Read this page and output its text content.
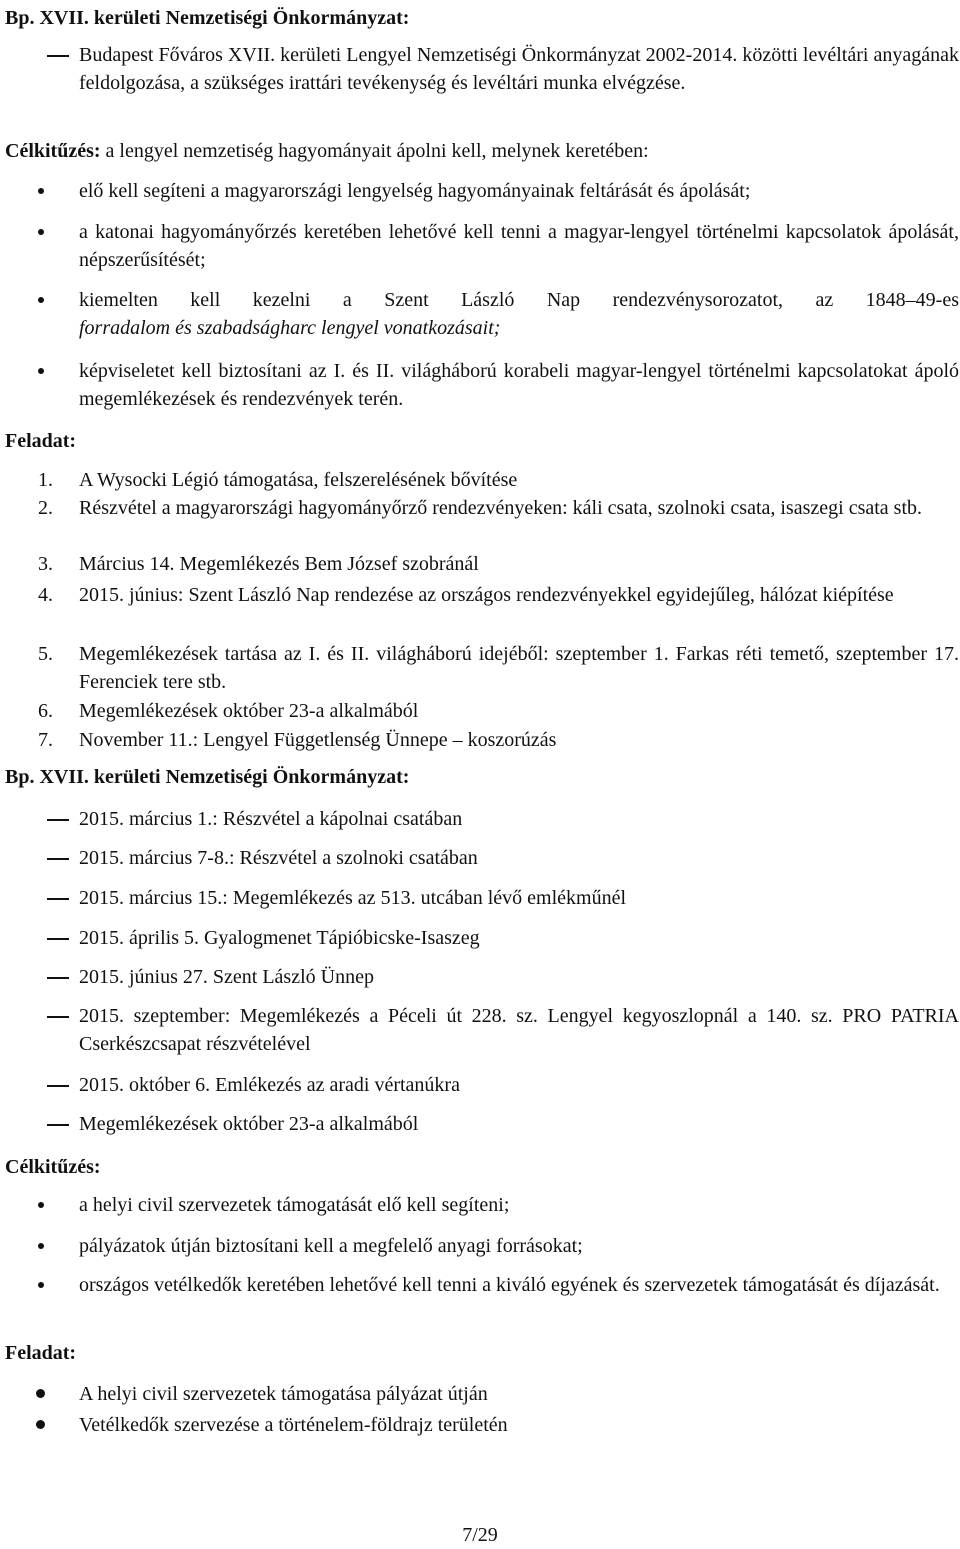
Bp. XVII. kerületi Nemzetiségi Önkormányzat:
Budapest Főváros XVII. kerületi Lengyel Nemzetiségi Önkormányzat 2002-2014. közötti levéltári anyagának feldolgozása, a szükséges irattári tevékenység és levéltári munka elvégzése.
Célkitűzés: a lengyel nemzetiség hagyományait ápolni kell, melynek keretében:
elő kell segíteni a magyarországi lengyelség hagyományainak feltárását és ápolását;
a katonai hagyományőrzés keretében lehetővé kell tenni a magyar-lengyel történelmi kapcsolatok ápolását, népszerűsítését;
kiemelten kell kezelni a Szent László Nap rendezvénysorozatot, az 1848–49-es
forradalom és szabadságharc lengyel vonatkozásait;
képviseletet kell biztosítani az I. és II. világháború korabeli magyar-lengyel történelmi kapcsolatokat ápoló megemlékezések és rendezvények terén.
Feladat:
1. A Wysocki Légió támogatása, felszerelésének bővítése
2. Részvétel a magyarországi hagyományőrző rendezvényeken: káli csata, szolnoki csata, isaszegi csata stb.
3. Március 14. Megemlékezés Bem József szobránál
4. 2015. június: Szent László Nap rendezése az országos rendezvényekkel egyidejűleg, hálózat kiépítése
5. Megemlékezések tartása az I. és II. világháború idejéből: szeptember 1. Farkas réti temető, szeptember 17. Ferenciek tere stb.
6. Megemlékezések október 23-a alkalmából
7. November 11.: Lengyel Függetlenség Ünnepe – koszorúzás
Bp. XVII. kerületi Nemzetiségi Önkormányzat:
2015. március 1.: Részvétel a kápolnai csatában
2015. március 7-8.: Részvétel a szolnoki csatában
2015. március 15.: Megemlékezés az 513. utcában lévő emlékműnél
2015. április 5. Gyalogmenet Tápióbicske-Isaszeg
2015. június 27. Szent László Ünnep
2015. szeptember: Megemlékezés a Péceli út 228. sz. Lengyel kegyoszlopnál a 140. sz. PRO PATRIA Cserkészcsapat részvételével
2015. október 6. Emlékezés az aradi vértanúkra
Megemlékezések október 23-a alkalmából
Célkitűzés:
a helyi civil szervezetek támogatását elő kell segíteni;
pályázatok útján biztosítani kell a megfelelő anyagi forrásokat;
országos vetélkedők keretében lehetővé kell tenni a kiváló egyének és szervezetek támogatását és díjazását.
Feladat:
A helyi civil szervezetek támogatása pályázat útján
Vetélkedők szervezése a történelem-földrajz területén
7/29
